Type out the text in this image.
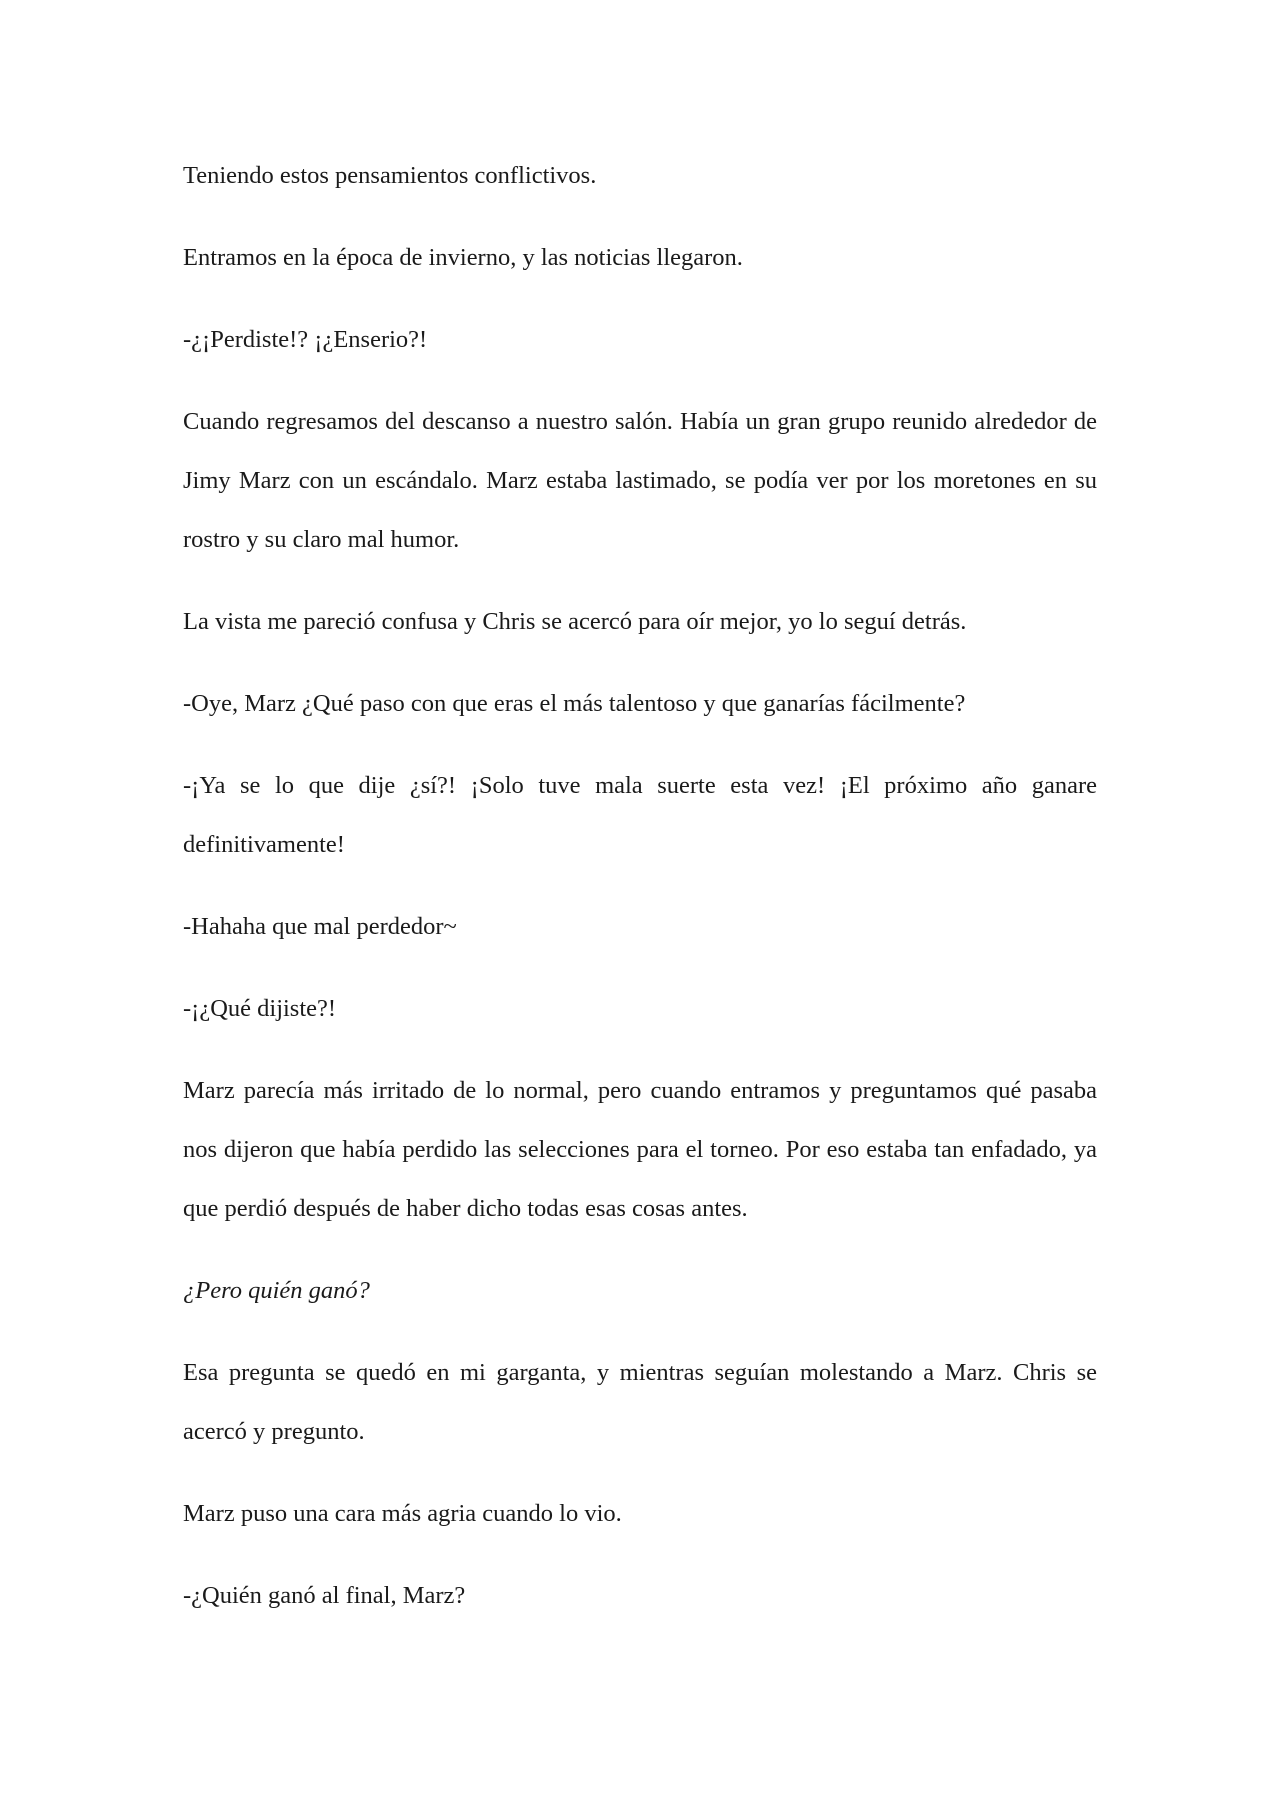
Teniendo estos pensamientos conflictivos.

Entramos en la época de invierno, y las noticias llegaron.

-¿¡Perdiste!? ¡¿Enserio?!

Cuando regresamos del descanso a nuestro salón. Había un gran grupo reunido alrededor de Jimy Marz con un escándalo. Marz estaba lastimado, se podía ver por los moretones en su rostro y su claro mal humor.

La vista me pareció confusa y Chris se acercó para oír mejor, yo lo seguí detrás.

-Oye, Marz ¿Qué paso con que eras el más talentoso y que ganarías fácilmente?

-¡Ya se lo que dije ¿sí?! ¡Solo tuve mala suerte esta vez! ¡El próximo año ganare definitivamente!

-Hahaha que mal perdedor~

-¡¿Qué dijiste?!

Marz parecía más irritado de lo normal, pero cuando entramos y preguntamos qué pasaba nos dijeron que había perdido las selecciones para el torneo. Por eso estaba tan enfadado, ya que perdió después de haber dicho todas esas cosas antes.

¿Pero quién ganó?

Esa pregunta se quedó en mi garganta, y mientras seguían molestando a Marz. Chris se acercó y pregunto.

Marz puso una cara más agria cuando lo vio.

-¿Quién ganó al final, Marz?
